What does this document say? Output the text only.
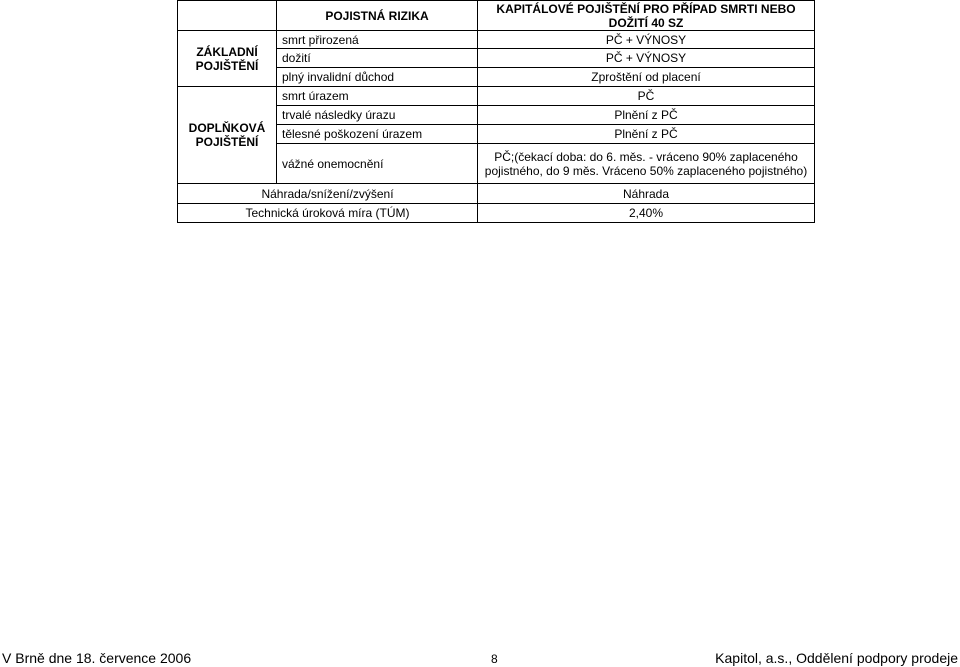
	POJISTNÁ RIZIKA	KAPITÁLOVÉ POJIŠTĚNÍ PRO PŘÍPAD SMRTI NEBO
DOŽITÍ 40 SZ

ZÁKLADNÍ POJIŠTĚNÍ	smrt přirozená	PČ + VÝNOSY
	dožití	PČ + VÝNOSY
	plný invalidní důchod	Zproštění od placení
DOPLŇKOVÁ POJIŠTĚNÍ	smrt úrazem	PČ
	trvalé následky úrazu	Plnění z PČ
	tělesné poškození úrazem	Plnění z PČ
	vážné onemocnění	PČ;(čekací doba: do 6. měs. - vráceno 90% zaplaceného
pojistného, do 9 měs. Vráceno 50% zaplaceného pojistného)

Náhrada/snížení/zvýšení		Náhrada
Technická úroková míra (TÚM)		2,40%
V Brně dne 18. července 2006	8	Kapitol, a.s., Oddělení podpory prodeje
